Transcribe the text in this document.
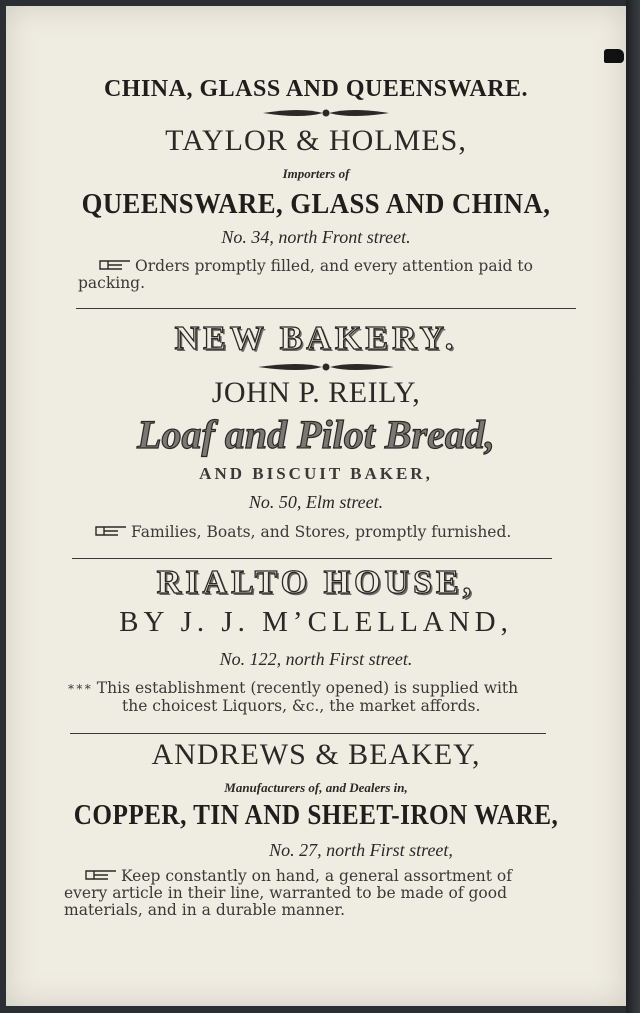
CHINA, GLASS AND QUEENSWARE.
TAYLOR & HOLMES,
Importers of
QUEENSWARE, GLASS AND CHINA,
No. 34, north Front street.
Orders promptly filled, and every attention paid to
packing.
NEW BAKERY.
JOHN P. REILY,
Loaf and Pilot Bread,
AND BISCUIT BAKER,
No. 50, Elm street.
Families, Boats, and Stores, promptly furnished.
RIALTO HOUSE,
BY J. J. M’CLELLAND,
No. 122, north First street.
* * * This establishment (recently opened) is supplied with
the choicest Liquors, &c., the market affords.
ANDREWS & BEAKEY,
Manufacturers of, and Dealers in,
COPPER, TIN AND SHEET-IRON WARE,
No. 27, north First street,
Keep constantly on hand, a general assortment of
every article in their line, warranted to be made of good
materials, and in a durable manner.
